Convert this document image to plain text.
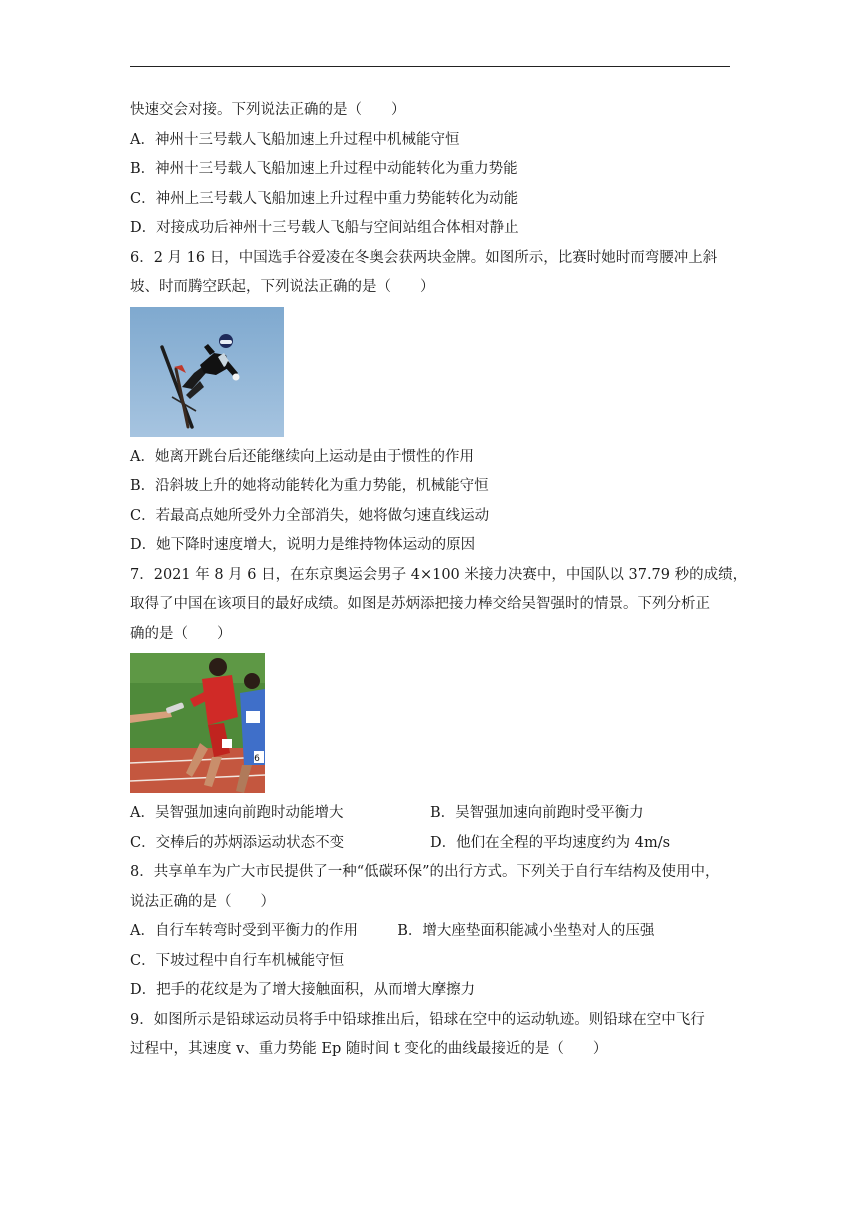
快速交会对接。下列说法正确的是（　　）
A．神州十三号载人飞船加速上升过程中机械能守恒
B．神州十三号载人飞船加速上升过程中动能转化为重力势能
C．神州上三号载人飞船加速上升过程中重力势能转化为动能
D．对接成功后神州十三号载人飞船与空间站组合体相对静止
6．2 月 16 日，中国选手谷爱凌在冬奥会获两块金牌。如图所示，比赛时她时而弯腰冲上斜
坡、时而腾空跃起，下列说法正确的是（　　）
A．她离开跳台后还能继续向上运动是由于惯性的作用
B．沿斜坡上升的她将动能转化为重力势能，机械能守恒
C．若最高点她所受外力全部消失，她将做匀速直线运动
D．她下降时速度增大，说明力是维持物体运动的原因
7．2021 年 8 月 6 日，在东京奥运会男子 4×100 米接力决赛中，中国队以 37.79 秒的成绩，
取得了中国在该项目的最好成绩。如图是苏炳添把接力棒交给吴智强时的情景。下列分析正
确的是（　　）
6
A．吴智强加速向前跑时动能增大	B．吴智强加速向前跑时受平衡力
C．交棒后的苏炳添运动状态不变	D．他们在全程的平均速度约为 4m/s
8．共享单车为广大市民提供了一种“低碳环保”的出行方式。下列关于自行车结构及使用中，
说法正确的是（　　）
A．自行车转弯时受到平衡力的作用	B．增大座垫面积能减小坐垫对人的压强
C．下坡过程中自行车机械能守恒
D．把手的花纹是为了增大接触面积，从而增大摩擦力
9．如图所示是铅球运动员将手中铅球推出后，铅球在空中的运动轨迹。则铅球在空中飞行
过程中，其速度 v、重力势能 Ep 随时间 t 变化的曲线最接近的是（　　）
